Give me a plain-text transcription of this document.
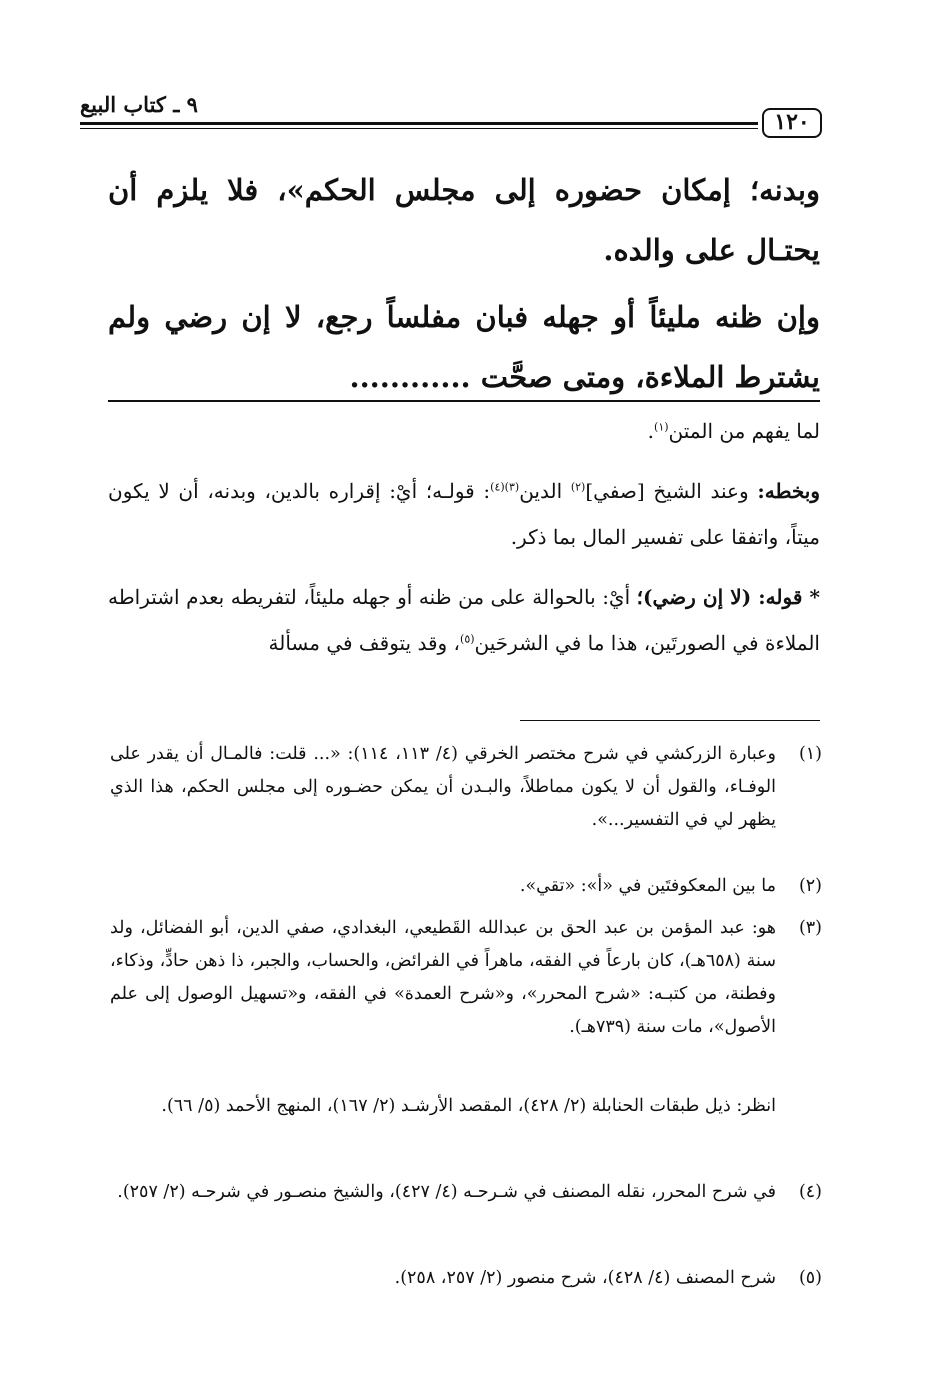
٩ ـ كتاب البيع
١٢٠
وبدنه؛ إمكان حضوره إلى مجلس الحكم»، فلا يلزم أن يحتـال على والده.
وإن ظنه مليئاً أو جهله فبان مفلساً رجع، لا إن رضي ولم يشترط الملاءة، ومتى صحَّت ............
لما يفهم من المتن$^{(١)}$.
وبخطه: وعند الشيخ [صفي]$^{(٢)}$ الدين$^{(٣)(٤)}$: قولـه؛ أيْ: إقراره بالدين، وبدنه، أن لا يكون ميتاً، واتفقا على تفسير المال بما ذكر.
* قوله: (لا إن رضي)؛ أيْ: بالحوالة على من ظنه أو جهله مليئاً، لتفريطه بعدم اشتراطه الملاءة في الصورتَين، هذا ما في الشرحَين$^{(٥)}$، وقد يتوقف في مسألة
(١)
وعبارة الزركشي في شرح مختصر الخرقي (٤/ ١١٣، ١١٤): «... قلت: فالمـال أن يقدر على الوفـاء، والقول أن لا يكون مماطلاً، والبـدن أن يمكن حضـوره إلى مجلس الحكم، هذا الذي يظهر لي في التفسير...».
(٢)
ما بين المعكوفتَين في «أ»: «تقي».
(٣)
هو: عبد المؤمن بن عبد الحق بن عبدالله القَطيعي، البغدادي، صفي الدين، أبو الفضائل، ولد سنة (٦٥٨هـ)، كان بارعاً في الفقه، ماهراً في الفرائض، والحساب، والجبر، ذا ذهن حادٍّ، وذكاء، وفطنة، من كتبـه: «شرح المحرر»، و«شرح العمدة» في الفقه، و«تسهيل الوصول إلى علم الأصول»، مات سنة (٧٣٩هـ).
انظر: ذيل طبقات الحنابلة (٢/ ٤٢٨)، المقصد الأرشـد (٢/ ١٦٧)، المنهج الأحمد (٥/ ٦٦).
(٤)
في شرح المحرر، نقله المصنف في شـرحـه (٤/ ٤٢٧)، والشيخ منصـور في شرحـه (٢/ ٢٥٧).
(٥)
شرح المصنف (٤/ ٤٢٨)، شرح منصور (٢/ ٢٥٧، ٢٥٨).
